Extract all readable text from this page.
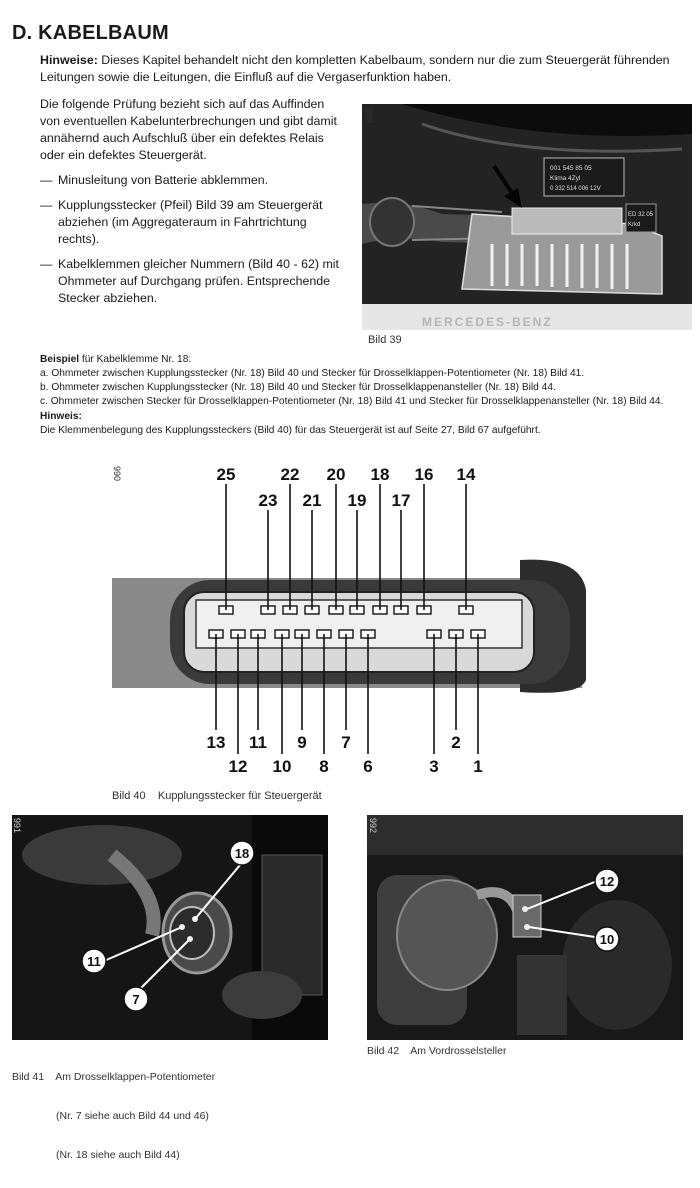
D. KABELBAUM
Hinweise: Dieses Kapitel behandelt nicht den kompletten Kabelbaum, sondern nur die zum Steuergerät führenden Leitungen sowie die Leitungen, die Einfluß auf die Vergaserfunktion haben.

Die folgende Prüfung bezieht sich auf das Auffinden von eventuellen Kabelunterbrechungen und gibt damit annähernd auch Aufschluß über ein defektes Relais oder ein defektes Steuergerät.

— Minusleitung von Batterie abklemmen.
— Kupplungsstecker (Pfeil) Bild 39 am Steuergerät abziehen (im Aggregateraum in Fahrtrichtung rechts).
— Kabelklemmen gleicher Nummern (Bild 40 - 62) mit Ohmmeter auf Durchgang prüfen. Entsprechende Stecker abziehen.
001 545 85 05
Klima 4Zyl
0 332 514 006 12V
ED 32 05
Krkd
MERCEDES-BENZ
989
Bild 39
Beispiel für Kabelklemme Nr. 18:
a. Ohmmeter zwischen Kupplungsstecker (Nr. 18) Bild 40 und Stecker für Drosselklappen-Potentiometer (Nr. 18) Bild 41.
b. Ohmmeter zwischen Kupplungsstecker (Nr. 18) Bild 40 und Stecker für Drosselklappenansteller (Nr. 18) Bild 44.
c. Ohmmeter zwischen Stecker für Drosselklappen-Potentiometer (Nr. 18) Bild 41 und Stecker für Drosselklappenansteller (Nr. 18) Bild 44.
Hinweis:
Die Klemmenbelegung des Kupplungssteckers (Bild 40) für das Steuergerät ist auf Seite 27, Bild 67 aufgeführt.
25	22 20 18 16 14
23 21 19 17
13 11 9 7	2
12 10 8 6	3 1
990
Bild 40    Kupplungsstecker für Steuergerät
18
11
7
991

Bild 41    Am Drosselklappen-Potentiometer

(Nr. 7 siehe auch Bild 44 und 46)

(Nr. 18 siehe auch Bild 44)

12
10
992
Bild 42    Am Vordrosselsteller
